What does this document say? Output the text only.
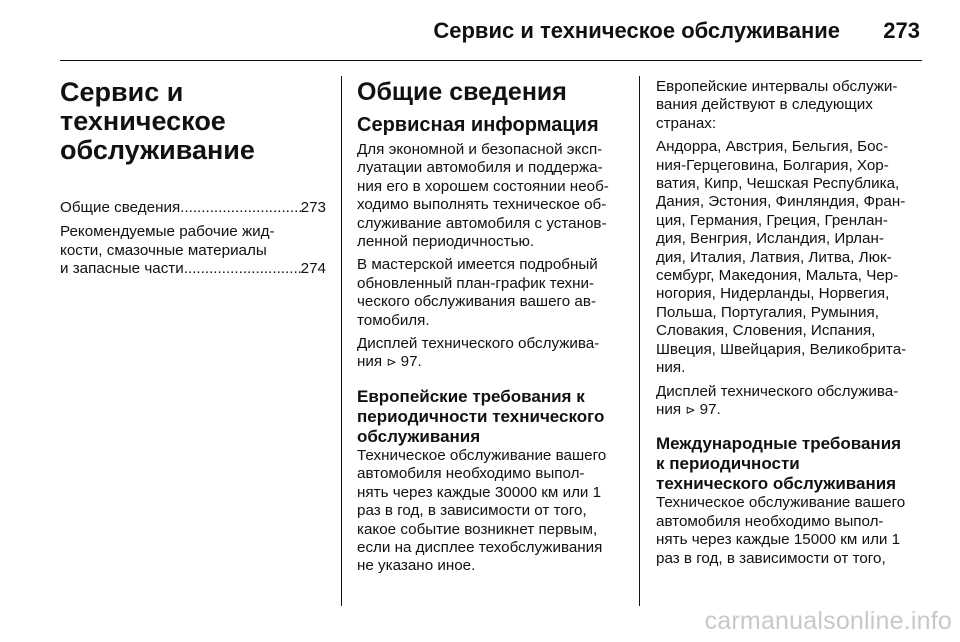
Сервис и техническое обслуживание 273
Сервис и
техническое
обслуживание
Общие сведения .....	273

Рекомендуемые рабочие жид-

кости, смазочные материалы

и запасные части .....	274
Общие сведения
Сервисная информация

Для экономной и безопасной эксп-
луатации автомобиля и поддержа-
ния его в хорошем состоянии необ-
ходимо выполнять техническое об-
служивание автомобиля с установ-
ленной периодичностью.

В мастерской имеется подробный
обновленный план-график техни-
ческого обслуживания вашего ав-
томобиля.

Дисплей технического обслужива-
ния ⊳ 97.

Европейские требования к
периодичности технического
обслуживания

Техническое обслуживание вашего
автомобиля необходимо выпол-
нять через каждые 30000 км или 1
раз в год, в зависимости от того,
какое событие возникнет первым,
если на дисплее техобслуживания
не указано иное.

Европейские интервалы обслужи-
вания действуют в следующих
странах:

Андорра, Австрия, Бельгия, Бос-
ния-Герцеговина, Болгария, Хор-
ватия, Кипр, Чешская Республика,
Дания, Эстония, Финляндия, Фран-
ция, Германия, Греция, Гренлан-
дия, Венгрия, Исландия, Ирлан-
дия, Италия, Латвия, Литва, Люк-
сембург, Македония, Мальта, Чер-
ногория, Нидерланды, Норвегия,
Польша, Португалия, Румыния,
Словакия, Словения, Испания,
Швеция, Швейцария, Великобрита-
ния.

Дисплей технического обслужива-
ния ⊳ 97.

Международные требования
к периодичности
технического обслуживания

Техническое обслуживание вашего
автомобиля необходимо выпол-
нять через каждые 15000 км или 1
раз в год, в зависимости от того,

carmanualsonline.info
